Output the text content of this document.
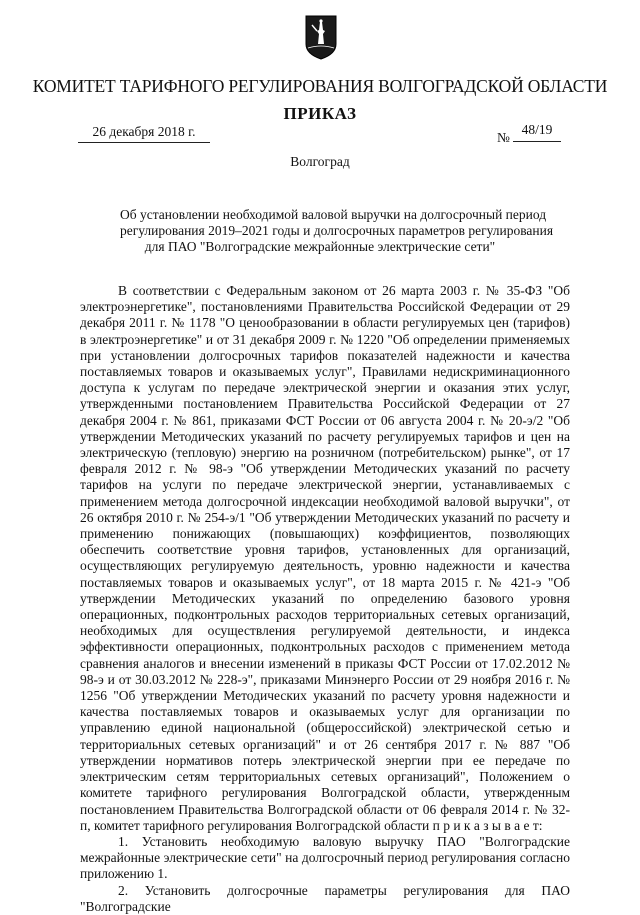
КОМИТЕТ ТАРИФНОГО РЕГУЛИРОВАНИЯ ВОЛГОГРАДСКОЙ ОБЛАСТИ
ПРИКАЗ
26 декабря 2018 г.	№
48/19
Волгоград
Об установлении необходимой валовой выручки на долгосрочный период
регулирования 2019–2021 годы и долгосрочных параметров регулирования
для ПАО "Волгоградские межрайонные электрические сети"

В соответствии с Федеральным законом от 26 марта 2003 г. № 35-ФЗ "Об электроэнергетике", постановлениями Правительства Российской Федерации от 29 декабря 2011 г. № 1178 "О ценообразовании в области регулируемых цен (тарифов) в электроэнергетике" и от 31 декабря 2009 г. № 1220 "Об определении применяемых при установлении долгосрочных тарифов показателей надежности и качества поставляемых товаров и оказываемых услуг", Правилами недискриминационного доступа к услугам по передаче электрической энергии и оказания этих услуг, утвержденными постановлением Правительства Российской Федерации от 27 декабря 2004 г. № 861, приказами ФСТ России от 06 августа 2004 г. № 20-э/2 "Об утверждении Методических указаний по расчету регулируемых тарифов и цен на электрическую (тепловую) энергию на розничном (потребительском) рынке", от 17 февраля 2012 г. № 98-э "Об утверждении Методических указаний по расчету тарифов на услуги по передаче электрической энергии, устанавливаемых с применением метода долгосрочной индексации необходимой валовой выручки", от 26 октября 2010 г. № 254-э/1 "Об утверждении Методических указаний по расчету и применению понижающих (повышающих) коэффициентов, позволяющих обеспечить соответствие уровня тарифов, установленных для организаций, осуществляющих регулируемую деятельность, уровню надежности и качества поставляемых товаров и оказываемых услуг", от 18 марта 2015 г. № 421-э "Об утверждении Методических указаний по определению базового уровня операционных, подконтрольных расходов территориальных сетевых организаций, необходимых для осуществления регулируемой деятельности, и индекса эффективности операционных, подконтрольных расходов с применением метода сравнения аналогов и внесении изменений в приказы ФСТ России от 17.02.2012 № 98-э и от 30.03.2012 № 228-э", приказами Минэнерго России от 29 ноября 2016 г. № 1256 "Об утверждении Методических указаний по расчету уровня надежности и качества поставляемых товаров и оказываемых услуг для организации по управлению единой национальной (общероссийской) электрической сетью и территориальных сетевых организаций" и от 26 сентября 2017 г. № 887 "Об утверждении нормативов потерь электрической энергии при ее передаче по электрическим сетям территориальных сетевых организаций", Положением о комитете тарифного регулирования Волгоградской области, утвержденным постановлением Правительства Волгоградской области от 06 февраля 2014 г. № 32-п, комитет тарифного регулирования Волгоградской области п р и к а з ы в а е т:

1. Установить необходимую валовую выручку ПАО "Волгоградские межрайонные электрические сети" на долгосрочный период регулирования согласно приложению 1.

2. Установить долгосрочные параметры регулирования для ПАО "Волгоградские
